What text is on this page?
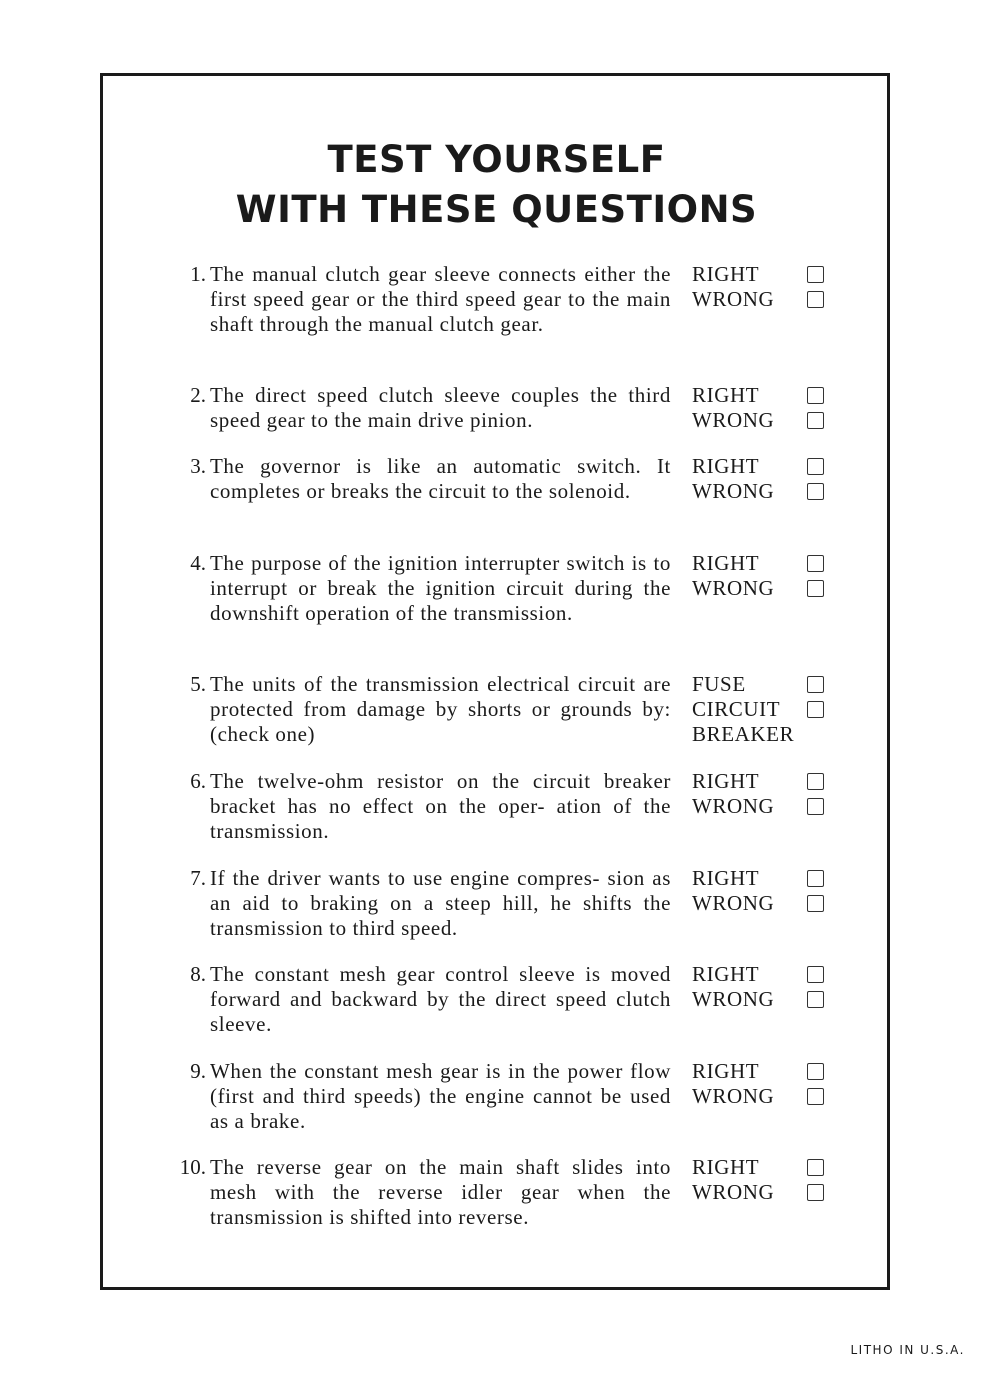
TEST YOURSELF
WITH THESE QUESTIONS
1. The manual clutch gear sleeve connects either the first speed gear or the third speed gear to the main shaft through the manual clutch gear.
RIGHT
WRONG
2. The direct speed clutch sleeve couples the third speed gear to the main drive pinion.
RIGHT
WRONG
3. The governor is like an automatic switch. It completes or breaks the circuit to the solenoid.
RIGHT
WRONG
4. The purpose of the ignition interrupter switch is to interrupt or break the ignition circuit during the downshift operation of the transmission.
RIGHT
WRONG
5. The units of the transmission electrical circuit are protected from damage by shorts or grounds by: (check one)
FUSE
CIRCUIT
BREAKER
6. The twelve-ohm resistor on the circuit breaker bracket has no effect on the oper- ation of the transmission.
RIGHT
WRONG
7. If the driver wants to use engine compres- sion as an aid to braking on a steep hill, he shifts the transmission to third speed.
RIGHT
WRONG
8. The constant mesh gear control sleeve is moved forward and backward by the direct speed clutch sleeve.
RIGHT
WRONG
9. When the constant mesh gear is in the power flow (first and third speeds) the engine cannot be used as a brake.
RIGHT
WRONG
10. The reverse gear on the main shaft slides into mesh with the reverse idler gear when the transmission is shifted into reverse.
RIGHT
WRONG
LITHO IN U.S.A.
